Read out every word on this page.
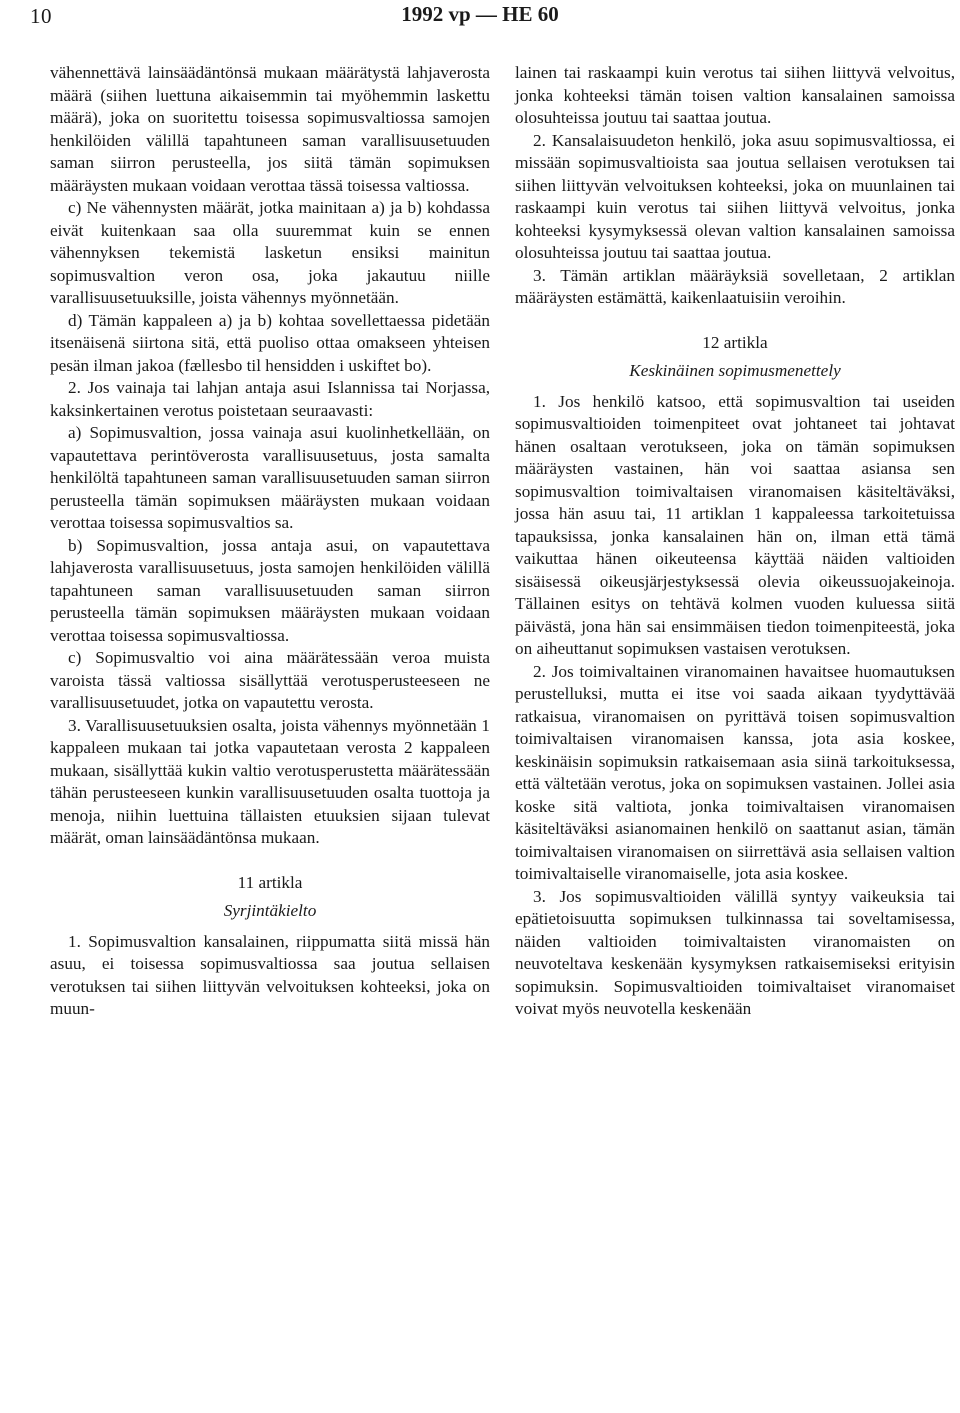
10	1992 vp — HE 60

vähennettävä lainsäädäntönsä mukaan määrätystä lahjaverosta määrä (siihen luettuna aikaisemmin tai myöhemmin laskettu määrä), joka on suoritettu toisessa sopimusvaltiossa samojen henkilöiden välillä tapahtuneen saman varallisuusetuuden saman siirron perusteella, jos siitä tämän sopimuksen määräysten mukaan voidaan verottaa tässä toisessa valtiossa.

c) Ne vähennysten määrät, jotka mainitaan a) ja b) kohdassa eivät kuitenkaan saa olla suuremmat kuin se ennen vähennyksen tekemistä lasketun ensiksi mainitun sopimusvaltion veron osa, joka jakautuu niille varallisuusetuuksille, joista vähennys myönnetään.

d) Tämän kappaleen a) ja b) kohtaa sovellettaessa pidetään itsenäisenä siirtona sitä, että puoliso ottaa omakseen yhteisen pesän ilman jakoa (fællesbo til hensidden i uskiftet bo).

2. Jos vainaja tai lahjan antaja asui Islannissa tai Norjassa, kaksinkertainen verotus poistetaan seuraavasti:

a) Sopimusvaltion, jossa vainaja asui kuolinhetkellään, on vapautettava perintöverosta varallisuusetuus, josta samalta henkilöltä tapahtuneen saman varallisuusetuuden saman siirron perusteella tämän sopimuksen määräysten mukaan voidaan verottaa toisessa sopimusvaltios sa.

b) Sopimusvaltion, jossa antaja asui, on vapautettava lahjaverosta varallisuusetuus, josta samojen henkilöiden välillä tapahtuneen saman varallisuusetuuden saman siirron perusteella tämän sopimuksen määräysten mukaan voidaan verottaa toisessa sopimusvaltiossa.

c) Sopimusvaltio voi aina määrätessään veroa muista varoista tässä valtiossa sisällyttää verotusperusteeseen ne varallisuusetuudet, jotka on vapautettu verosta.

3. Varallisuusetuuksien osalta, joista vähennys myönnetään 1 kappaleen mukaan tai jotka vapautetaan verosta 2 kappaleen mukaan, sisällyttää kukin valtio verotusperustetta määrätessään tähän perusteeseen kunkin varallisuusetuuden osalta tuottoja ja menoja, niihin luettuina tällaisten etuuksien sijaan tulevat määrät, oman lainsäädäntönsa mukaan.

11 artikla
Syrjintäkielto

1. Sopimusvaltion kansalainen, riippumatta siitä missä hän asuu, ei toisessa sopimusvaltiossa saa joutua sellaisen verotuksen tai siihen liittyvän velvoituksen kohteeksi, joka on muun-

lainen tai raskaampi kuin verotus tai siihen liittyvä velvoitus, jonka kohteeksi tämän toisen valtion kansalainen samoissa olosuhteissa joutuu tai saattaa joutua.

2. Kansalaisuudeton henkilö, joka asuu sopimusvaltiossa, ei missään sopimusvaltioista saa joutua sellaisen verotuksen tai siihen liittyvän velvoituksen kohteeksi, joka on muunlainen tai raskaampi kuin verotus tai siihen liittyvä velvoitus, jonka kohteeksi kysymyksessä olevan valtion kansalainen samoissa olosuhteissa joutuu tai saattaa joutua.

3. Tämän artiklan määräyksiä sovelletaan, 2 artiklan määräysten estämättä, kaikenlaatuisiin veroihin.

12 artikla
Keskinäinen sopimusmenettely

1. Jos henkilö katsoo, että sopimusvaltion tai useiden sopimusvaltioiden toimenpiteet ovat johtaneet tai johtavat hänen osaltaan verotukseen, joka on tämän sopimuksen määräysten vastainen, hän voi saattaa asiansa sen sopimusvaltion toimivaltaisen viranomaisen käsiteltäväksi, jossa hän asuu tai, 11 artiklan 1 kappaleessa tarkoitetuissa tapauksissa, jonka kansalainen hän on, ilman että tämä vaikuttaa hänen oikeuteensa käyttää näiden valtioiden sisäisessä oikeusjärjestyksessä olevia oikeussuojakeinoja. Tällainen esitys on tehtävä kolmen vuoden kuluessa siitä päivästä, jona hän sai ensimmäisen tiedon toimenpiteestä, joka on aiheuttanut sopimuksen vastaisen verotuksen.

2. Jos toimivaltainen viranomainen havaitsee huomautuksen perustelluksi, mutta ei itse voi saada aikaan tyydyttävää ratkaisua, viranomaisen on pyrittävä toisen sopimusvaltion toimivaltaisen viranomaisen kanssa, jota asia koskee, keskinäisin sopimuksin ratkaisemaan asia siinä tarkoituksessa, että vältetään verotus, joka on sopimuksen vastainen. Jollei asia koske sitä valtiota, jonka toimivaltaisen viranomaisen käsiteltäväksi asianomainen henkilö on saattanut asian, tämän toimivaltaisen viranomaisen on siirrettävä asia sellaisen valtion toimivaltaiselle viranomaiselle, jota asia koskee.

3. Jos sopimusvaltioiden välillä syntyy vaikeuksia tai epätietoisuutta sopimuksen tulkinnassa tai soveltamisessa, näiden valtioiden toimivaltaisten viranomaisten on neuvoteltava keskenään kysymyksen ratkaisemiseksi erityisin sopimuksin. Sopimusvaltioiden toimivaltaiset viranomaiset voivat myös neuvotella keskenään
